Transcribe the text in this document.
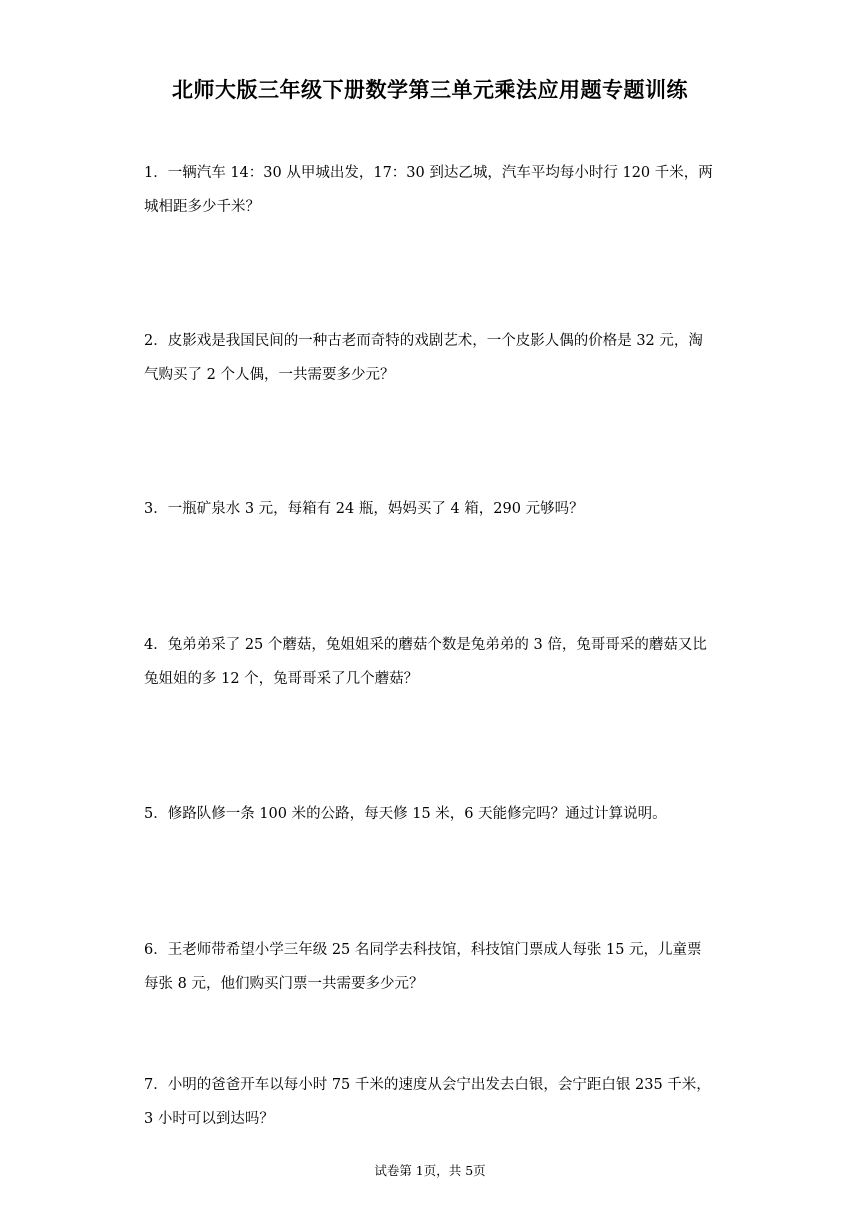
北师大版三年级下册数学第三单元乘法应用题专题训练
1．一辆汽车 14：30 从甲城出发，17：30 到达乙城，汽车平均每小时行 120 千米，两
城相距多少千米？
2．皮影戏是我国民间的一种古老而奇特的戏剧艺术，一个皮影人偶的价格是 32 元，淘
气购买了 2 个人偶，一共需要多少元？
3．一瓶矿泉水 3 元，每箱有 24 瓶，妈妈买了 4 箱，290 元够吗？
4．兔弟弟采了 25 个蘑菇，兔姐姐采的蘑菇个数是兔弟弟的 3 倍，兔哥哥采的蘑菇又比
兔姐姐的多 12 个，兔哥哥采了几个蘑菇？
5．修路队修一条 100 米的公路，每天修 15 米，6 天能修完吗？通过计算说明。
6．王老师带希望小学三年级 25 名同学去科技馆，科技馆门票成人每张 15 元，儿童票
每张 8 元，他们购买门票一共需要多少元？
7．小明的爸爸开车以每小时 75 千米的速度从会宁出发去白银，会宁距白银 235 千米，
3 小时可以到达吗？

试卷第 1页，共 5页
